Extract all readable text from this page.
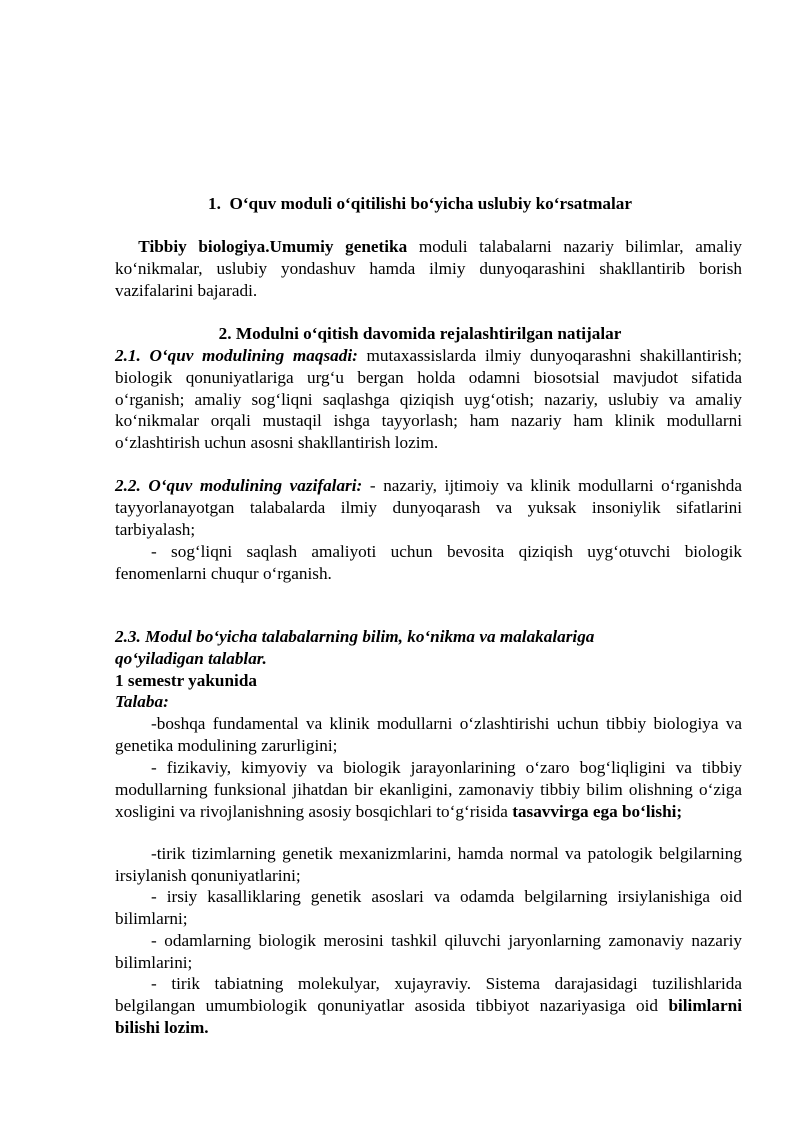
1. O‘quv moduli o‘qitilishi bo‘yicha uslubiy ko‘rsatmalar

Tibbiy biologiya.Umumiy genetika moduli talabalarni nazariy bilimlar, amaliy ko‘nikmalar, uslubiy yondashuv hamda ilmiy dunyoqarashini shakllantirib borish vazifalarini bajaradi.

2. Modulni o‘qitish davomida rejalashtirilgan natijalar

2.1. O‘quv modulining maqsadi: mutaxassislarda ilmiy dunyoqarashni shakillantirish; biologik qonuniyatlariga urg‘u bergan holda odamni biosotsial mavjudot sifatida o‘rganish; amaliy sog‘liqni saqlashga qiziqish uyg‘otish; nazariy, uslubiy va amaliy ko‘nikmalar orqali mustaqil ishga tayyorlash; ham nazariy ham klinik modullarni o‘zlashtirish uchun asosni shakllantirish lozim.

2.2. O‘quv modulining vazifalari: - nazariy, ijtimoiy va klinik modullarni o‘rganishda tayyorlanayotgan talabalarda ilmiy dunyoqarash va yuksak insoniylik sifatlarini tarbiyalash;

- sog‘liqni saqlash amaliyoti uchun bevosita qiziqish uyg‘otuvchi biologik fenomenlarni chuqur o‘rganish.

2.3. Modul bo‘yicha talabalarning bilim, ko‘nikma va malakalariga
qo‘yiladigan talablar.
1 semestr yakunida
Talaba:

-boshqa fundamental va klinik modullarni o‘zlashtirishi uchun tibbiy biologiya va genetika modulining zarurligini;

- fizikaviy, kimyoviy va biologik jarayonlarining o‘zaro bog‘liqligini va tibbiy modullarning funksional jihatdan bir ekanligini, zamonaviy tibbiy bilim olishning o‘ziga xosligini va rivojlanishning asosiy bosqichlari to‘g‘risida tasavvirga ega bo‘lishi;

-tirik tizimlarning genetik mexanizmlarini, hamda normal va patologik belgilarning irsiylanish qonuniyatlarini;

- irsiy kasalliklaring genetik asoslari va odamda belgilarning irsiylanishiga oid bilimlarni;

- odamlarning biologik merosini tashkil qiluvchi jaryonlarning zamonaviy nazariy bilimlarini;

- tirik tabiatning molekulyar, xujayraviy. Sistema darajasidagi tuzilishlarida belgilangan umumbiologik qonuniyatlar asosida tibbiyot nazariyasiga oid bilimlarni bilishi lozim.
